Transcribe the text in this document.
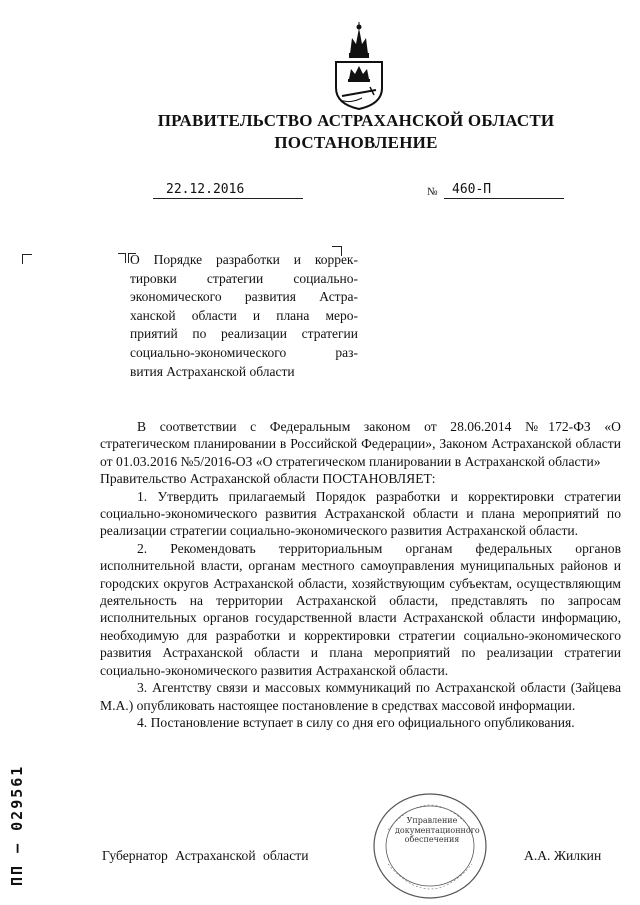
ПРАВИТЕЛЬСТВО АСТРАХАНСКОЙ ОБЛАСТИ
ПОСТАНОВЛЕНИЕ
22.12.2016	№	460-П
О Порядке разработки и коррек-
тировки стратегии социально-
экономического развития Астра-
ханской области и плана меро-
приятий по реализации стратегии
социально-экономического раз-
вития Астраханской области

В соответствии с Федеральным законом от 28.06.2014 №172-ФЗ «О стратегическом планировании в Российской Федерации», Законом Астраханской области от 01.03.2016 №5/2016-ОЗ «О стратегическом планировании в Астраханской области»

Правительство Астраханской области ПОСТАНОВЛЯЕТ:

1. Утвердить прилагаемый Порядок разработки и корректировки стратегии социально-экономического развития Астраханской области и плана мероприятий по реализации стратегии социально-экономического развития Астраханской области.

2. Рекомендовать территориальным органам федеральных органов исполнительной власти, органам местного самоуправления муниципальных районов и городских округов Астраханской области, хозяйствующим субъектам, осуществляющим деятельность на территории Астраханской области, представлять по запросам исполнительных органов государственной власти Астраханской области информацию, необходимую для разработки и корректировки стратегии социально-экономического развития Астраханской области и плана мероприятий по реализации стратегии социально-экономического развития Астраханской области.

3. Агентству связи и массовых коммуникаций по Астраханской области (Зайцева М.А.) опубликовать настоящее постановление в средствах массовой информации.

4. Постановление вступает в силу со дня его официального опубликования.

ПП – 029561	Управление документационного обеспечения
Губернатор Астраханской области	А.А. Жилкин
